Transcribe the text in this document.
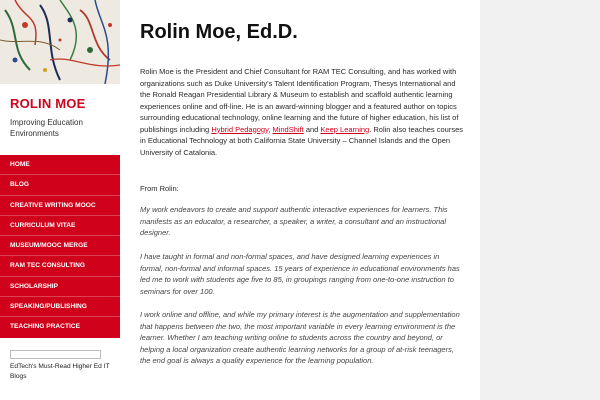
ROLIN MOE
Improving Education Environments
HOME
BLOG
CREATIVE WRITING MOOC
CURRICULUM VITAE
MUSEUM/MOOC MERGE
RAM TEC CONSULTING
SCHOLARSHIP
SPEAKING/PUBLISHING
TEACHING PRACTICE
EdTech's Must-Read Higher Ed IT Blogs
Rolin Moe, Ed.D.

Rolin Moe is the President and Chief Consultant for RAM TEC Consulting, and has worked with organizations such as Duke University's Talent Identification Program, Thesys International and the Ronald Reagan Presidential Library & Museum to establish and scaffold authentic learning experiences online and off-line. He is an award-winning blogger and a featured author on topics surrounding educational technology, online learning and the future of higher education, his list of publishings including Hybrid Pedagogy, MindShift and Keep Learning. Rolin also teaches courses in Educational Technology at both California State University – Channel Islands and the Open University of Catalonia.

From Rolin:

My work endeavors to create and support authentic interactive experiences for learners. This manifests as an educator, a researcher, a speaker, a writer, a consultant and an instructional designer.

I have taught in formal and non-formal spaces, and have designed learning experiences in formal, non-formal and informal spaces. 15 years of experience in educational environments has led me to work with students age five to 85, in groupings ranging from one-to-one instruction to seminars for over 100.

I work online and offline, and while my primary interest is the augmentation and supplementation that happens between the two, the most important variable in every learning environment is the learner. Whether I am teaching writing online to students across the country and beyond, or helping a local organization create authentic learning networks for a group of at-risk teenagers, the end goal is always a quality experience for the learning population.
